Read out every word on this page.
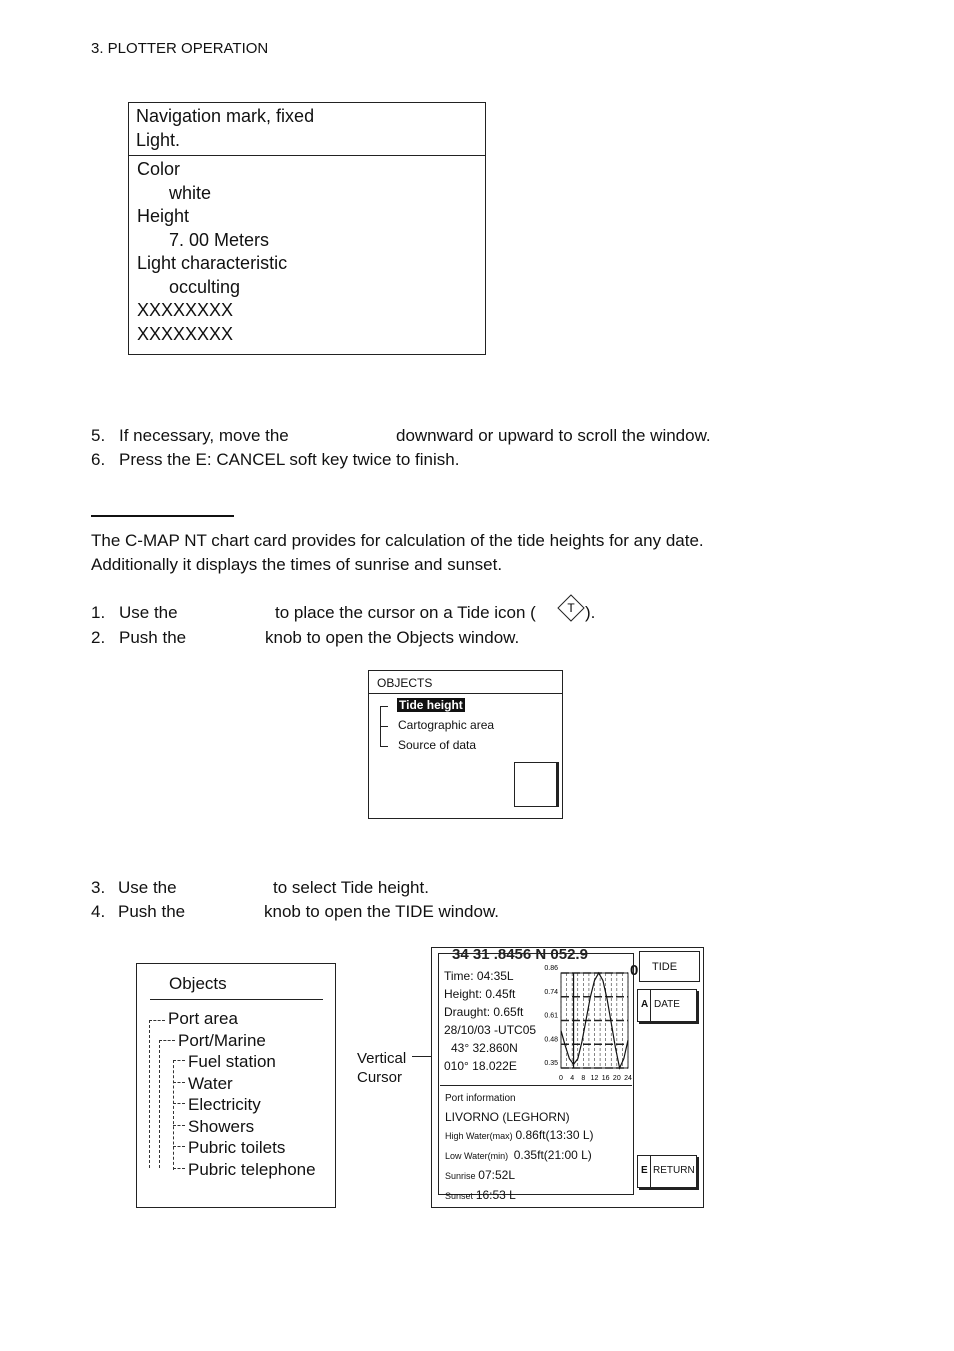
3. PLOTTER OPERATION
Navigation mark, fixed
Light.
Color
white
Height
7. 00 Meters
Light characteristic
occulting
XXXXXXXX
XXXXXXXX
5. If necessary, move the	downward or upward to scroll the window.
6. Press the E: CANCEL soft key twice to finish.
The C-MAP NT chart card provides for calculation of the tide heights for any date.
Additionally it displays the times of sunrise and sunset.
1. Use the	to place the cursor on a Tide icon (	T ).
2. Push the	knob to open the Objects window.
OBJECTS
Tide height
Cartographic area
Source of data
3. Use the	to select Tide height.
4. Push the	knob to open the TIDE window.
Objects
Port area
Port/Marine
Fuel station
Water
Electricity
Showers
Pubric toilets
Pubric telephone
Vertical
Cursor
34 31 .8456 N 052.9
0
Time: 04:35L
Height: 0.45ft
Draught: 0.65ft
28/10/03 -UTC05
43° 32.860N
010° 18.022E
0.86
0.74
0.61
0.48
0.35
0 4 8 12 16 20 24
Port information
LIVORNO (LEGHORN)
High Water(max) 0.86ft(13:30 L)
Low Water(min) 0.35ft(21:00 L)
Sunrise 07:52L
Sunset 16:53 L
TIDE
A DATE
E RETURN
